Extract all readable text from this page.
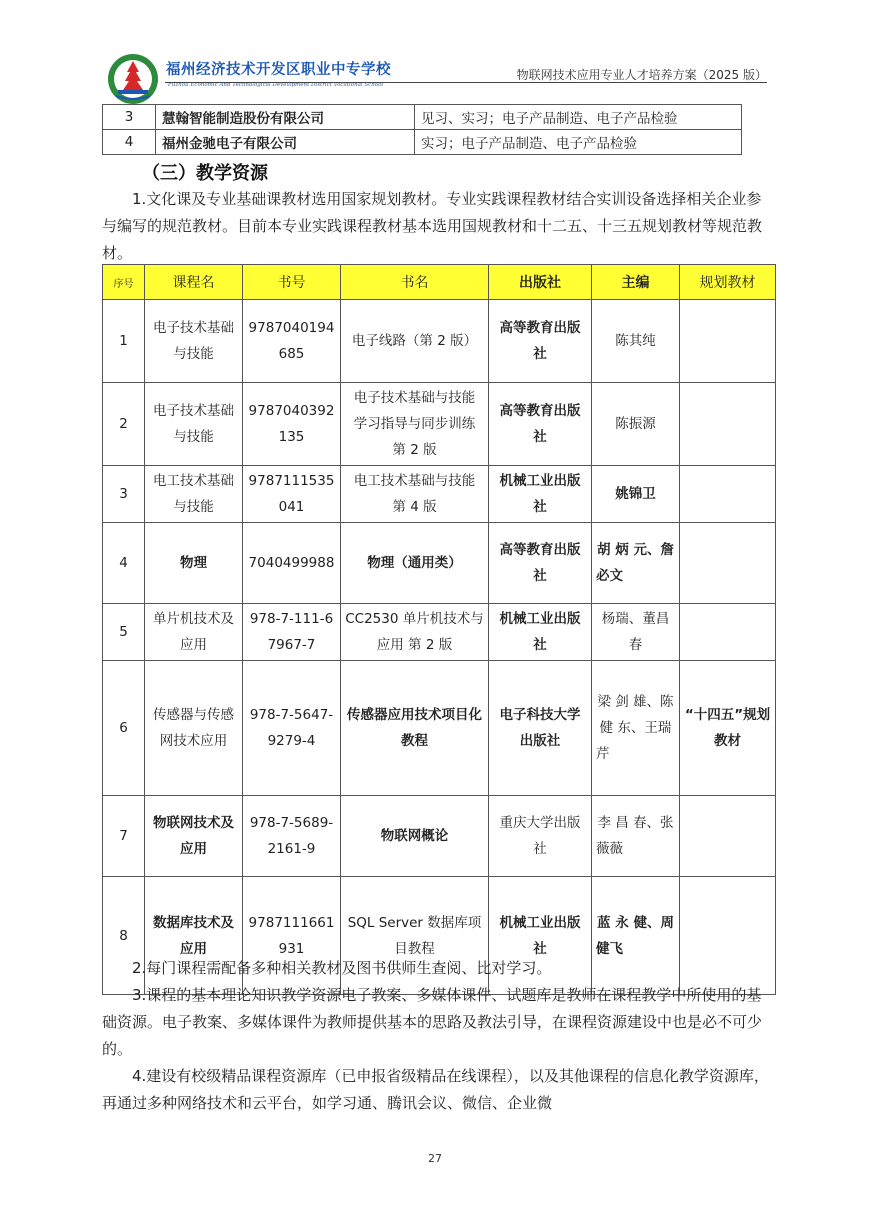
福州经济技术开发区职业中专学校
Fuzhou Economic And Technological Development District Vocational School
物联网技术应用专业人才培养方案（2025 版）
3	慧翰智能制造股份有限公司	见习、实习；电子产品制造、电子产品检验
4	福州金驰电子有限公司	实习；电子产品制造、电子产品检验
（三）教学资源

1.文化课及专业基础课教材选用国家规划教材。专业实践课程教材结合实训设备选择相关企业参与编写的规范教材。目前本专业实践课程教材基本选用国规教材和十二五、十三五规划教材等规范教材。

序号	课程名	书号	书名	出版社	主编	规划教材
1	电子技术基础与技能	9787040194685	电子线路（第 2 版）	高等教育出版社	陈其纯	
2	电子技术基础与技能	9787040392135	电子技术基础与技能 学习指导与同步训练 第 2 版	高等教育出版社	陈振源	
3	电工技术基础与技能	9787111535041	电工技术基础与技能 第 4 版	机械工业出版社	姚锦卫	
4	物理	7040499988	物理（通用类）	高等教育出版社	胡 炳 元、詹必文	
5	单片机技术及应用	978-7-111-67967-7	CC2530 单片机技术与应用 第 2 版	机械工业出版社	杨瑞、董昌春	
6	传感器与传感网技术应用	978-7-5647-9279-4	传感器应用技术项目化教程	电子科技大学出版社	梁 剑 雄、陈 健 东、王瑞芹	“十四五”规划教材
7	物联网技术及应用	978-7-5689-2161-9	物联网概论	重庆大学出版社	李 昌 春、张薇薇	
8	数据库技术及应用	9787111661931	SQL Server 数据库项目教程	机械工业出版社	蓝 永 健、周健飞	

2.每门课程需配备多种相关教材及图书供师生查阅、比对学习。

3.课程的基本理论知识教学资源电子教案、多媒体课件、试题库是教师在课程教学中所使用的基础资源。电子教案、多媒体课件为教师提供基本的思路及教法引导，在课程资源建设中也是必不可少的。

4.建设有校级精品课程资源库（已申报省级精品在线课程），以及其他课程的信息化教学资源库，再通过多种网络技术和云平台，如学习通、腾讯会议、微信、企业微

27
